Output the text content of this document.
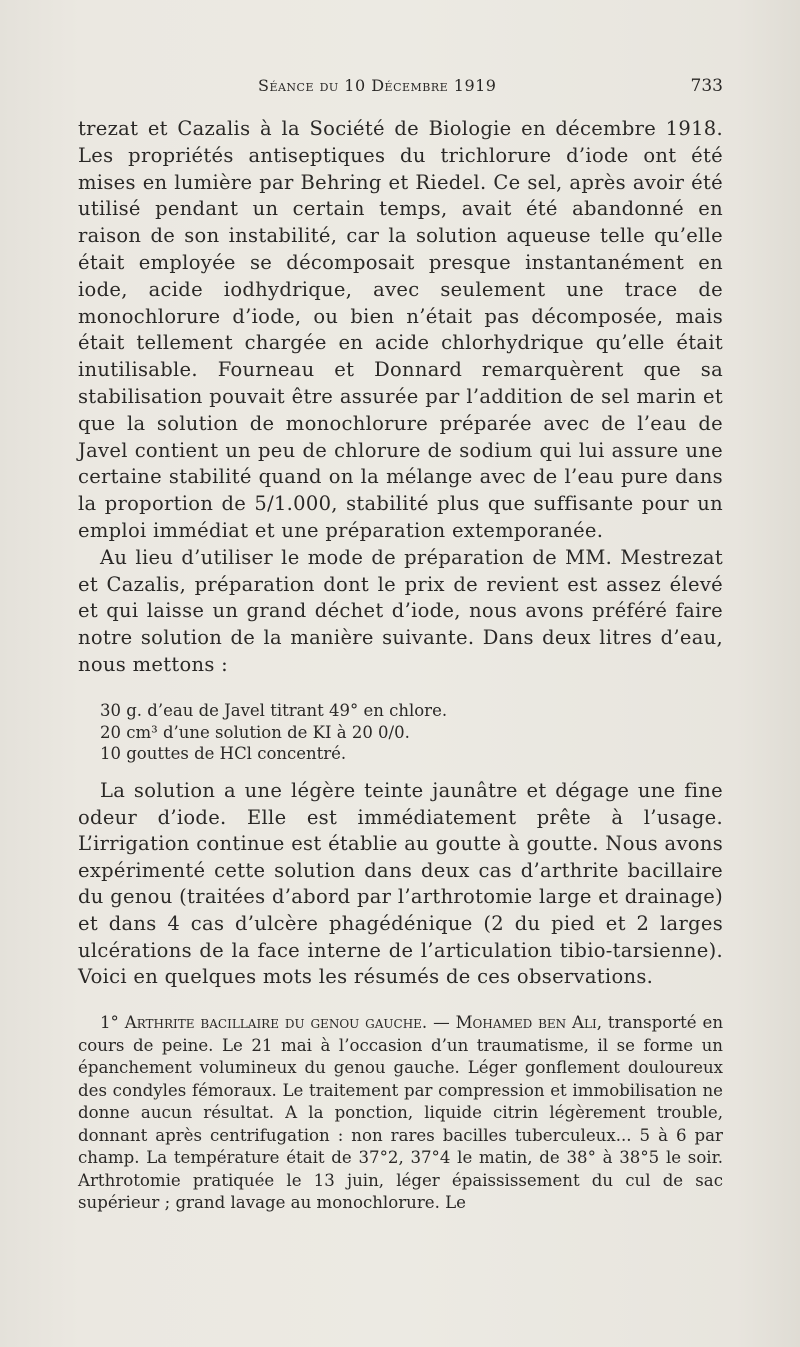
Séance du 10 Décembre 1919	733

trezat et Cazalis à la Société de Biologie en décembre 1918. Les propriétés antiseptiques du trichlorure d’iode ont été mises en lumière par Behring et Riedel. Ce sel, après avoir été utilisé pendant un certain temps, avait été abandonné en raison de son instabilité, car la solution aqueuse telle qu’elle était employée se décomposait presque instantanément en iode, acide iodhydrique, avec seulement une trace de monochlorure d’iode, ou bien n’était pas décomposée, mais était tellement chargée en acide chlorhydrique qu’elle était inutilisable. Fourneau et Donnard remarquèrent que sa stabilisation pouvait être assurée par l’addition de sel marin et que la solution de monochlorure préparée avec de l’eau de Javel contient un peu de chlorure de sodium qui lui assure une certaine stabilité quand on la mélange avec de l’eau pure dans la proportion de 5/1.000, stabilité plus que suffisante pour un emploi immédiat et une préparation extemporanée.

Au lieu d’utiliser le mode de préparation de MM. Mestrezat et Cazalis, préparation dont le prix de revient est assez élevé et qui laisse un grand déchet d’iode, nous avons préféré faire notre solution de la manière suivante. Dans deux litres d’eau, nous mettons :

30 g. d’eau de Javel titrant 49° en chlore.
20 cm³ d’une solution de KI à 20 0/0.
10 gouttes de HCl concentré.

La solution a une légère teinte jaunâtre et dégage une fine odeur d’iode. Elle est immédiatement prête à l’usage. L’irrigation continue est établie au goutte à goutte. Nous avons expérimenté cette solution dans deux cas d’arthrite bacillaire du genou (traitées d’abord par l’arthrotomie large et drainage) et dans 4 cas d’ulcère phagédénique (2 du pied et 2 larges ulcérations de la face interne de l’articulation tibio-tarsienne). Voici en quelques mots les résumés de ces observations.

1° Arthrite bacillaire du genou gauche. — Mohamed ben Ali, transporté en cours de peine. Le 21 mai à l’occasion d’un traumatisme, il se forme un épanchement volumineux du genou gauche. Léger gonflement douloureux des condyles fémoraux. Le traitement par compression et immobilisation ne donne aucun résultat. A la ponction, liquide citrin légèrement trouble, donnant après centrifugation : non rares bacilles tuberculeux... 5 à 6 par champ. La température était de 37°2, 37°4 le matin, de 38° à 38°5 le soir. Arthrotomie pratiquée le 13 juin, léger épaississement du cul de sac supérieur ; grand lavage au monochlorure. Le
